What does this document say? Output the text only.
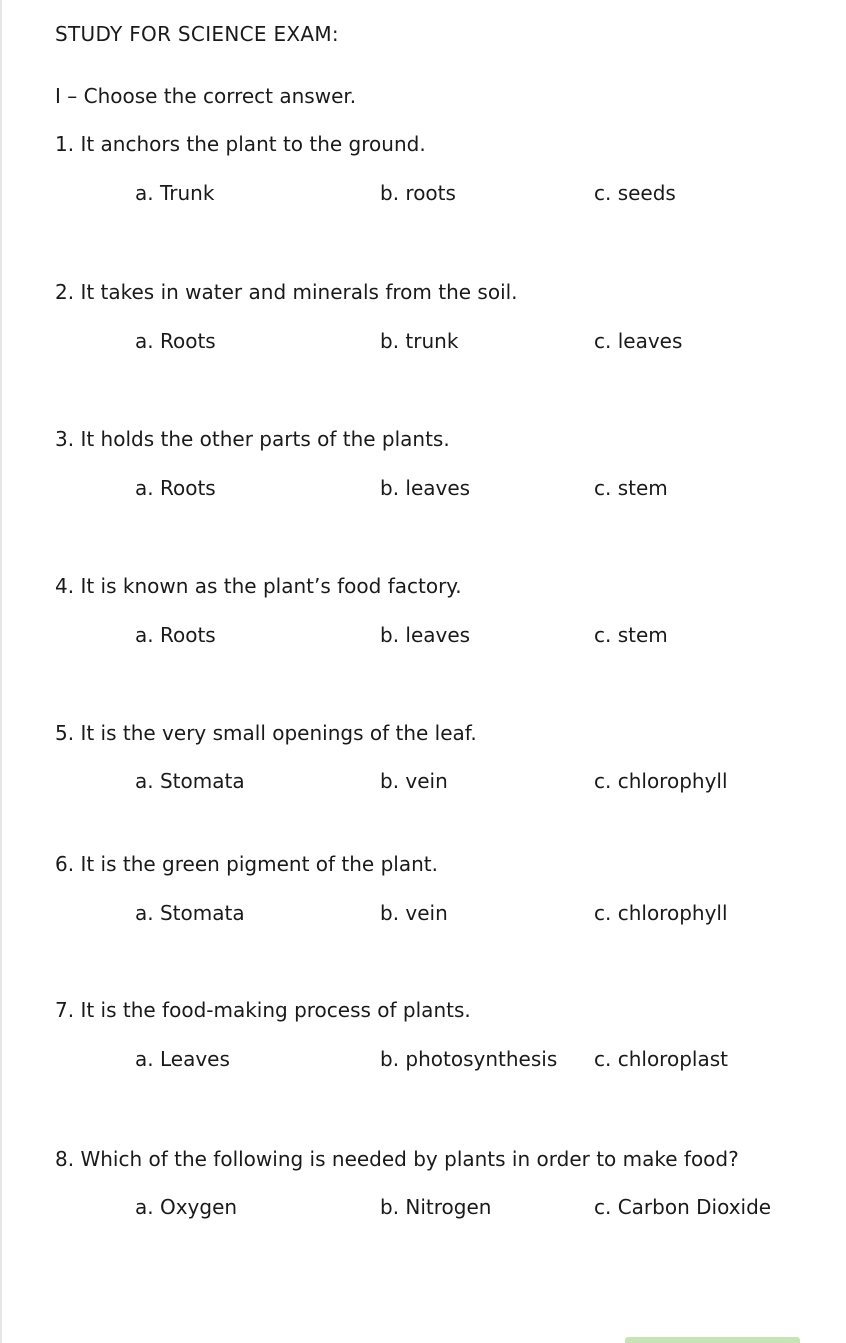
STUDY FOR SCIENCE EXAM:
I – Choose the correct answer.
1. It anchors the plant to the ground.
a. Trunk	b. roots	c. seeds
2. It takes in water and minerals from the soil.
a. Roots	b. trunk	c. leaves
3. It holds the other parts of the plants.
a. Roots	b. leaves	c. stem
4. It is known as the plant’s food factory.
a. Roots	b. leaves	c. stem
5. It is the very small openings of the leaf.
a. Stomata	b. vein	c. chlorophyll
6. It is the green pigment of the plant.
a. Stomata	b. vein	c. chlorophyll
7. It is the food-making process of plants.
a. Leaves	b. photosynthesis c. chloroplast
8. Which of the following is needed by plants in order to make food?
a. Oxygen	b. Nitrogen	c. Carbon Dioxide
